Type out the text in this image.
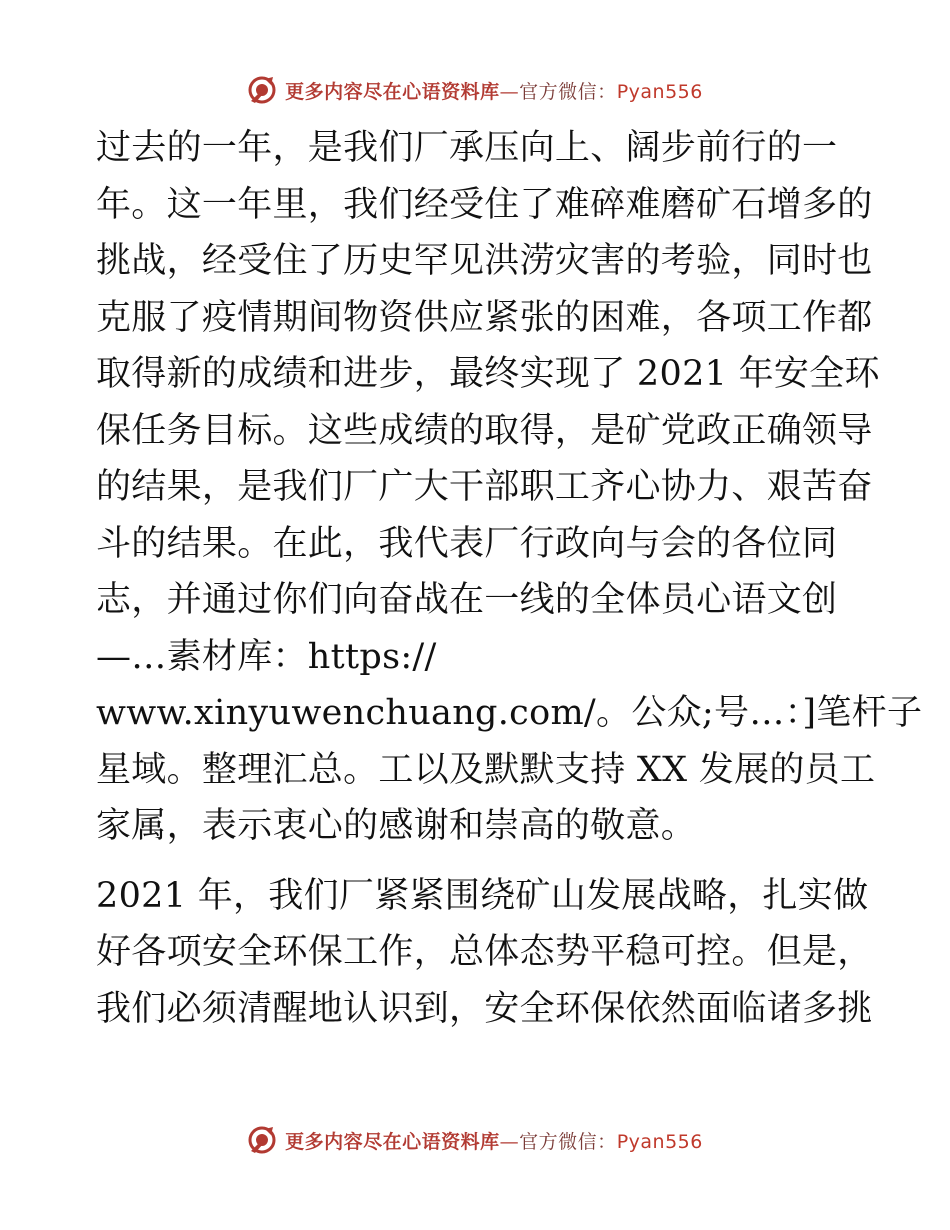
更多内容尽在心语资料库—官方微信：Pyan556

过去的一年，是我们厂承压向上、阔步前行的一
年。这一年里，我们经受住了难碎难磨矿石增多的
挑战，经受住了历史罕见洪涝灾害的考验，同时也
克服了疫情期间物资供应紧张的困难，各项工作都
取得新的成绩和进步，最终实现了 2021 年安全环
保任务目标。这些成绩的取得，是矿党政正确领导
的结果，是我们厂广大干部职工齐心协力、艰苦奋
斗的结果。在此，我代表厂行政向与会的各位同
志，并通过你们向奋战在一线的全体员心语文创
—…素材库：https://
www.xinyuwenchuang.com/。公众;号…：]笔杆子
星域。整理汇总。工以及默默支持 XX 发展的员工
家属，表示衷心的感谢和崇高的敬意。

2021 年，我们厂紧紧围绕矿山发展战略，扎实做
好各项安全环保工作，总体态势平稳可控。但是，
我们必须清醒地认识到，安全环保依然面临诸多挑

更多内容尽在心语资料库—官方微信：Pyan556
